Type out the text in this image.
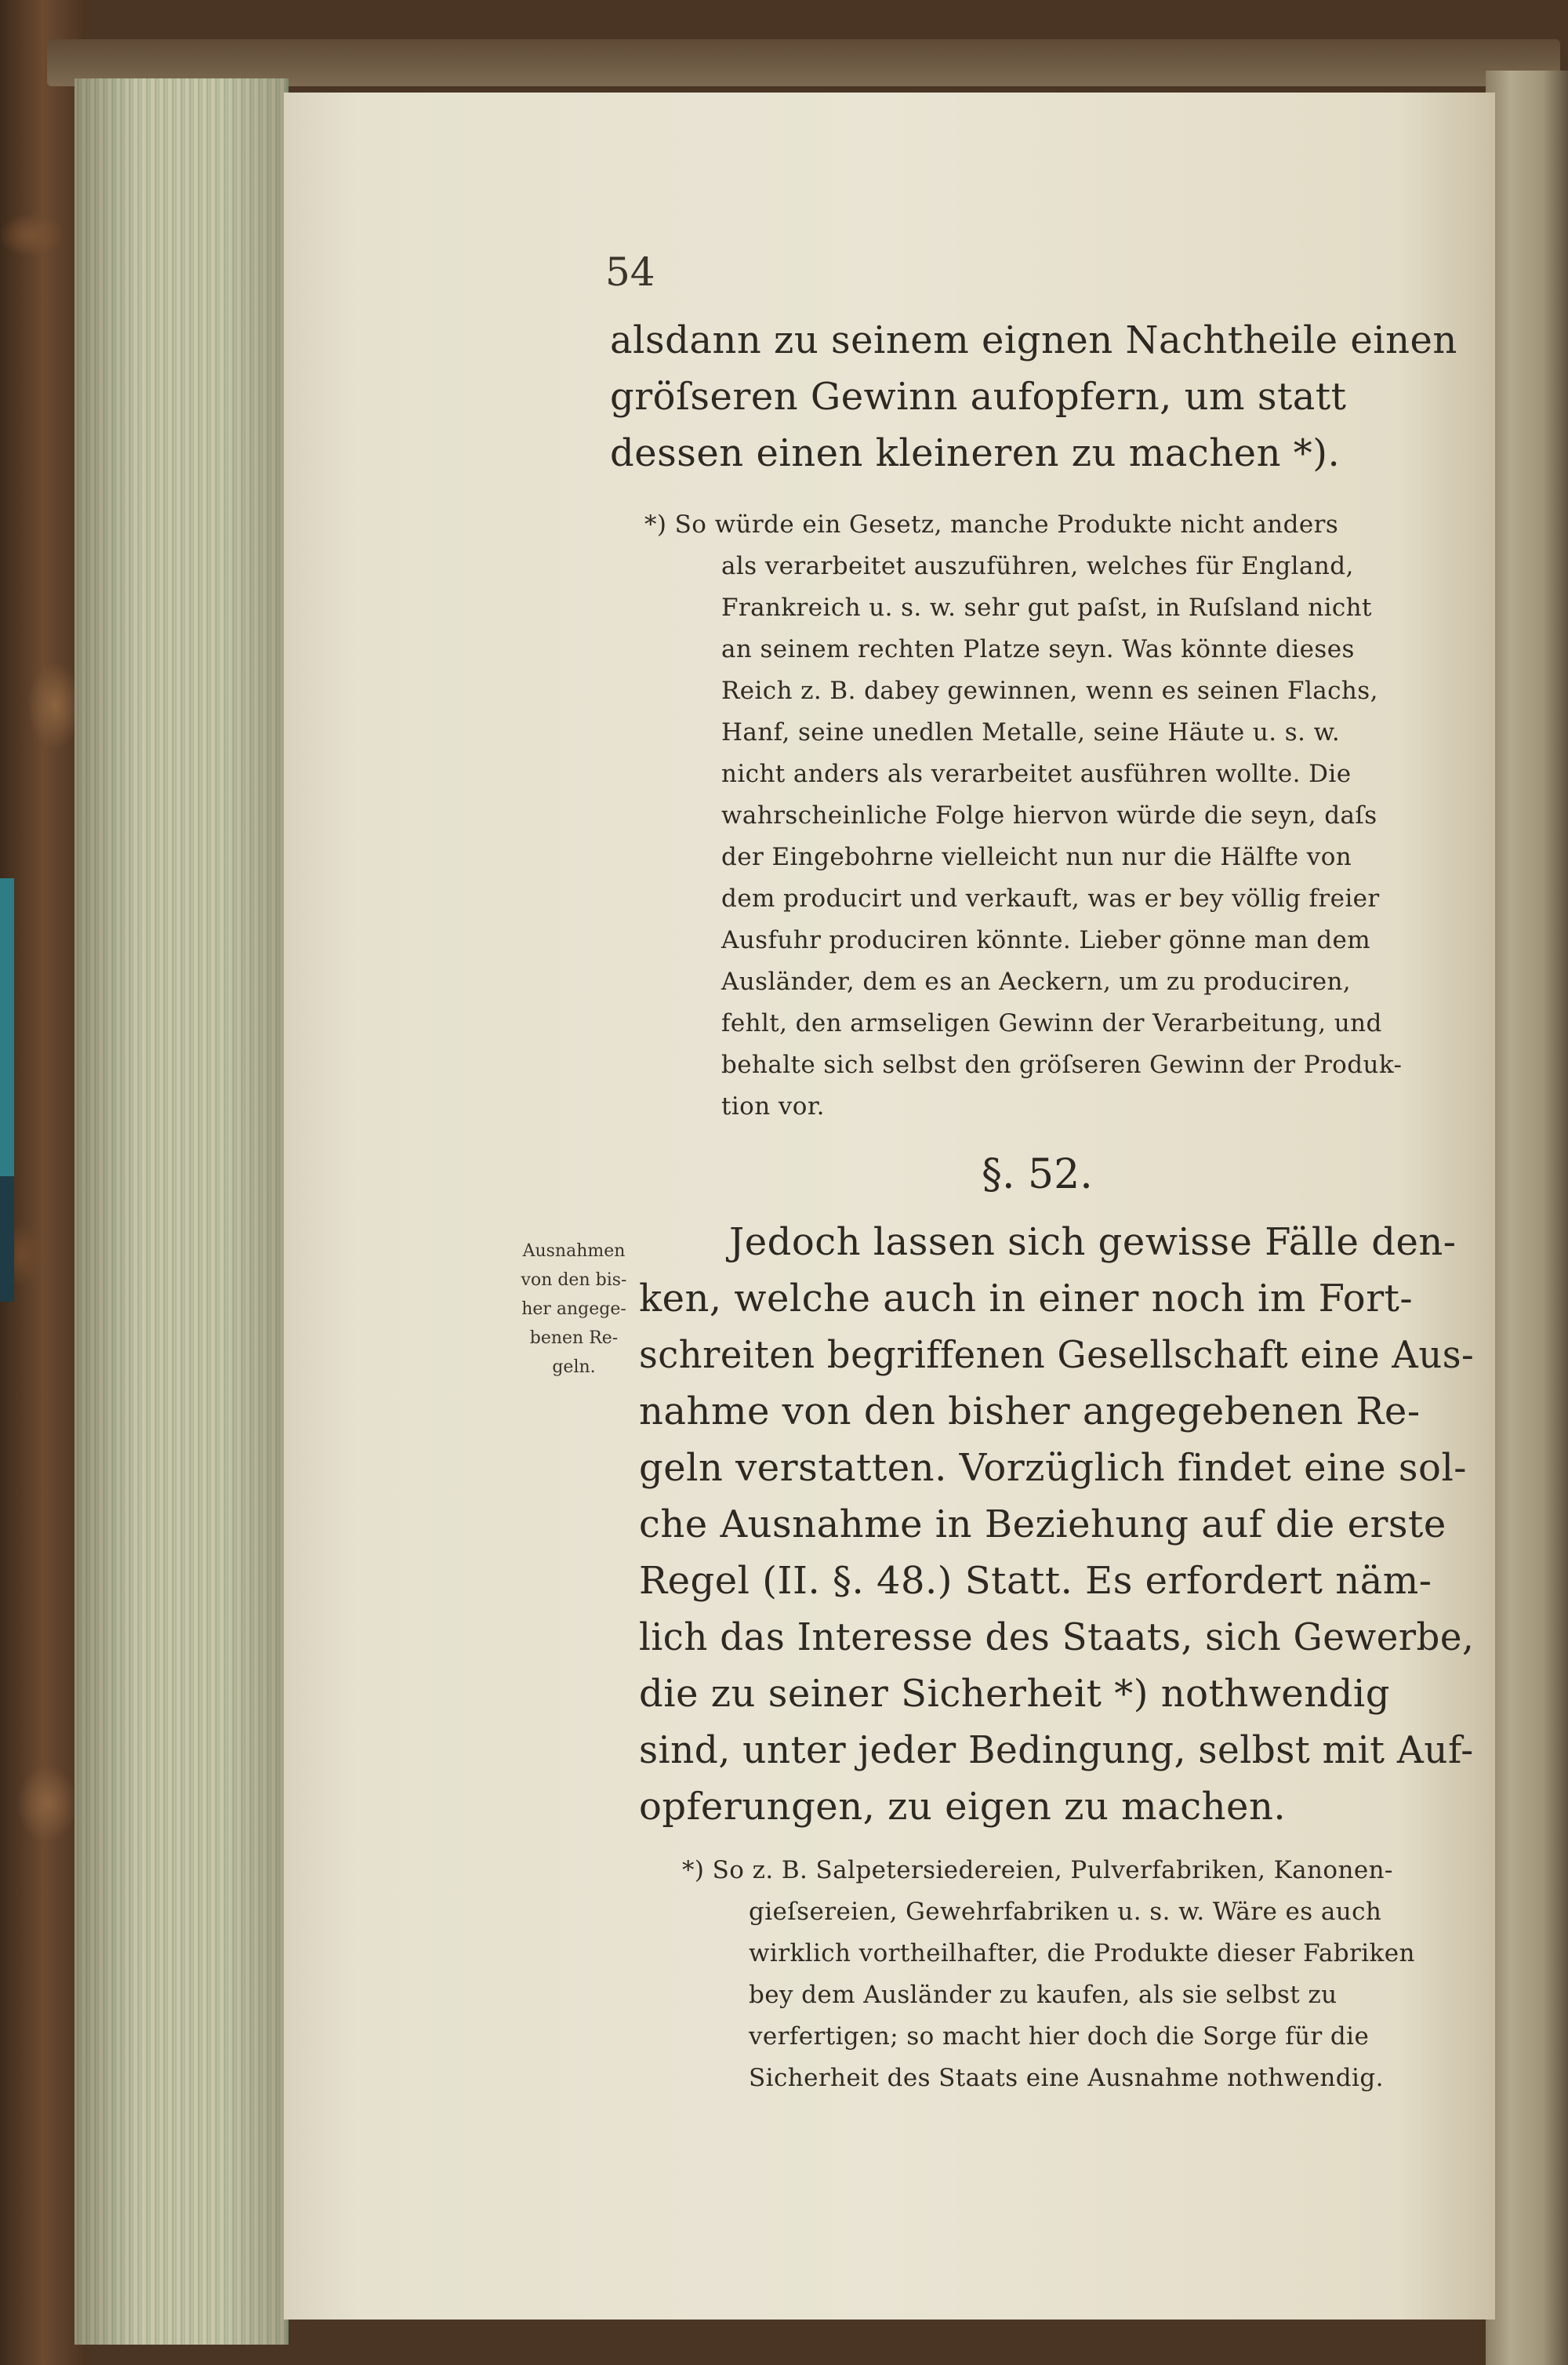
54
alsdann zu seinem eignen Nachtheile einen
gröſseren Gewinn aufopfern, um statt
dessen einen kleineren zu machen *).
*) So würde ein Gesetz, manche Produkte nicht anders
als verarbeitet auszuführen, welches für England,
Frankreich u. s. w. sehr gut paſst, in Ruſsland nicht
an seinem rechten Platze seyn. Was könnte dieses
Reich z. B. dabey gewinnen, wenn es seinen Flachs,
Hanf, seine unedlen Metalle, seine Häute u. s. w.
nicht anders als verarbeitet ausführen wollte. Die
wahrscheinliche Folge hiervon würde die seyn, daſs
der Eingebohrne vielleicht nun nur die Hälfte von
dem producirt und verkauft, was er bey völlig freier
Ausfuhr produciren könnte. Lieber gönne man dem
Ausländer, dem es an Aeckern, um zu produciren,
fehlt, den armseligen Gewinn der Verarbeitung, und
behalte sich selbst den gröſseren Gewinn der Produk-
tion vor.
§. 52.
Ausnahmen
von den bis-
her angege-
benen Re-
geln.
Jedoch lassen sich gewisse Fälle den-
ken, welche auch in einer noch im Fort-
schreiten begriffenen Gesellschaft eine Aus-
nahme von den bisher angegebenen Re-
geln verstatten. Vorzüglich findet eine sol-
che Ausnahme in Beziehung auf die erste
Regel (II. §. 48.) Statt. Es erfordert näm-
lich das Interesse des Staats, sich Gewerbe,
die zu seiner Sicherheit *) nothwendig
sind, unter jeder Bedingung, selbst mit Auf-
opferungen, zu eigen zu machen.
*) So z. B. Salpetersiedereien, Pulverfabriken, Kanonen-
gieſsereien, Gewehrfabriken u. s. w. Wäre es auch
wirklich vortheilhafter, die Produkte dieser Fabriken
bey dem Ausländer zu kaufen, als sie selbst zu
verfertigen; so macht hier doch die Sorge für die
Sicherheit des Staats eine Ausnahme nothwendig.
